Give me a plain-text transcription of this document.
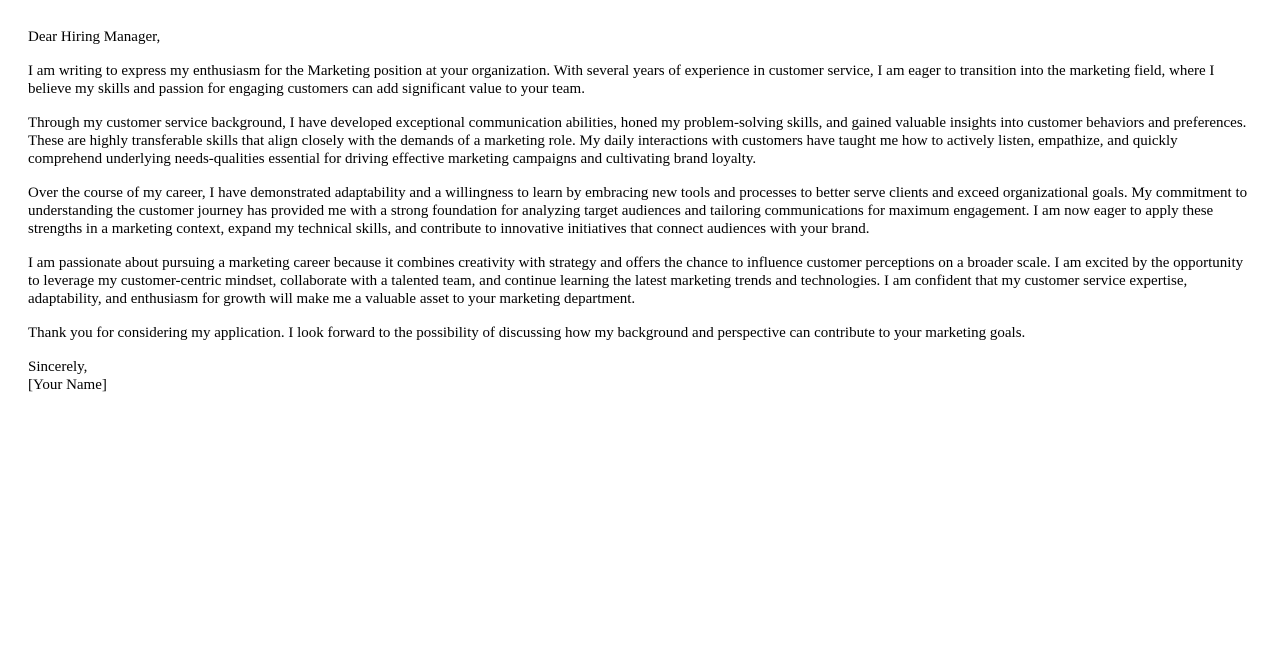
Dear Hiring Manager,

I am writing to express my enthusiasm for the Marketing position at your organization. With several years of experience in customer service, I am eager to transition into the marketing field, where I believe my skills and passion for engaging customers can add significant value to your team.

Through my customer service background, I have developed exceptional communication abilities, honed my problem-solving skills, and gained valuable insights into customer behaviors and preferences. These are highly transferable skills that align closely with the demands of a marketing role. My daily interactions with customers have taught me how to actively listen, empathize, and quickly comprehend underlying needs-qualities essential for driving effective marketing campaigns and cultivating brand loyalty.

Over the course of my career, I have demonstrated adaptability and a willingness to learn by embracing new tools and processes to better serve clients and exceed organizational goals. My commitment to understanding the customer journey has provided me with a strong foundation for analyzing target audiences and tailoring communications for maximum engagement. I am now eager to apply these strengths in a marketing context, expand my technical skills, and contribute to innovative initiatives that connect audiences with your brand.

I am passionate about pursuing a marketing career because it combines creativity with strategy and offers the chance to influence customer perceptions on a broader scale. I am excited by the opportunity to leverage my customer-centric mindset, collaborate with a talented team, and continue learning the latest marketing trends and technologies. I am confident that my customer service expertise, adaptability, and enthusiasm for growth will make me a valuable asset to your marketing department.

Thank you for considering my application. I look forward to the possibility of discussing how my background and perspective can contribute to your marketing goals.

Sincerely,
[Your Name]
